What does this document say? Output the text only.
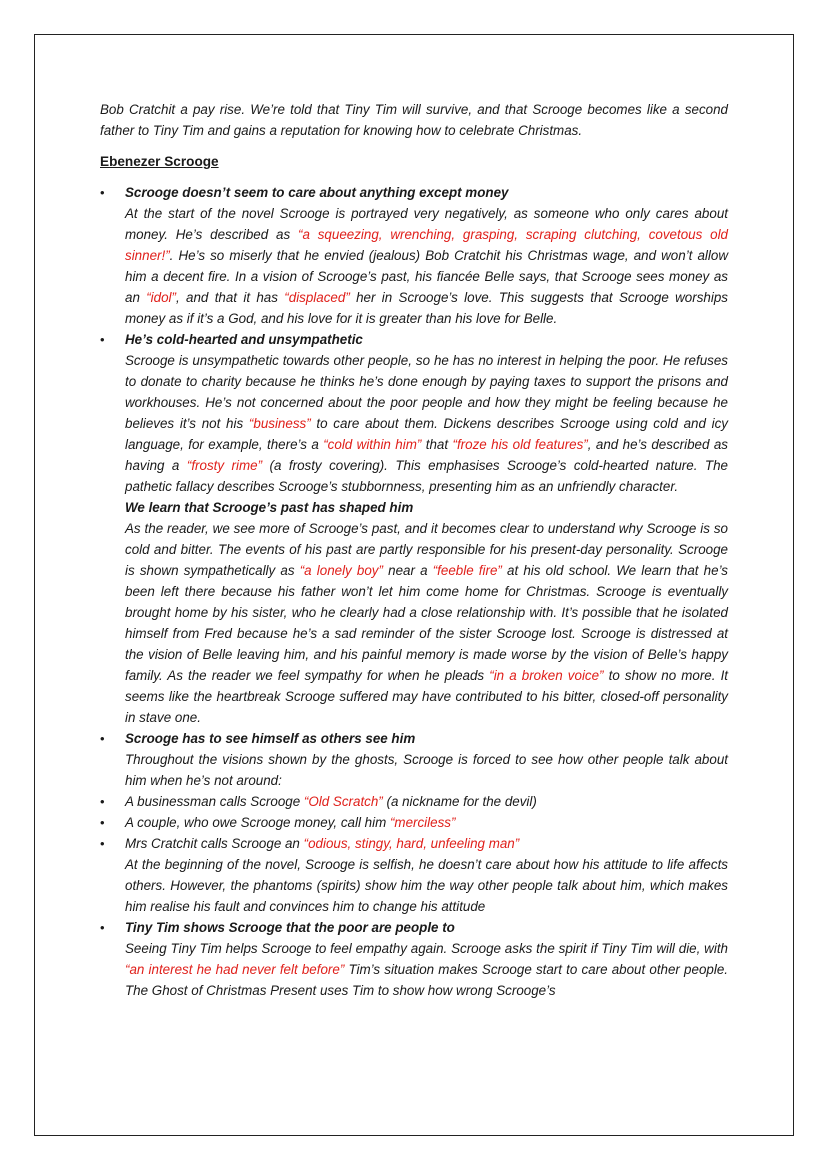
Bob Cratchit a pay rise. We’re told that Tiny Tim will survive, and that Scrooge becomes like a second father to Tiny Tim and gains a reputation for knowing how to celebrate Christmas.

Ebenezer Scrooge

•

Scrooge doesn’t seem to care about anything except money

At the start of the novel Scrooge is portrayed very negatively, as someone who only cares about money. He’s described as “a squeezing, wrenching, grasping, scraping clutching, covetous old sinner!”. He’s so miserly that he envied (jealous) Bob Cratchit his Christmas wage, and won’t allow him a decent fire. In a vision of Scrooge’s past, his fiancée Belle says, that Scrooge sees money as an “idol”, and that it has “displaced” her in Scrooge’s love. This suggests that Scrooge worships money as if it’s a God, and his love for it is greater than his love for Belle.

•

He’s cold-hearted and unsympathetic

Scrooge is unsympathetic towards other people, so he has no interest in helping the poor. He refuses to donate to charity because he thinks he’s done enough by paying taxes to support the prisons and workhouses. He’s not concerned about the poor people and how they might be feeling because he believes it’s not his “business” to care about them. Dickens describes Scrooge using cold and icy language, for example, there’s a “cold within him” that “froze his old features”, and he’s described as having a “frosty rime” (a frosty covering). This emphasises Scrooge’s cold-hearted nature. The pathetic fallacy describes Scrooge’s stubbornness, presenting him as an unfriendly character.

We learn that Scrooge’s past has shaped him

As the reader, we see more of Scrooge’s past, and it becomes clear to understand why Scrooge is so cold and bitter. The events of his past are partly responsible for his present-day personality. Scrooge is shown sympathetically as “a lonely boy” near a “feeble fire” at his old school. We learn that he’s been left there because his father won’t let him come home for Christmas. Scrooge is eventually brought home by his sister, who he clearly had a close relationship with. It’s possible that he isolated himself from Fred because he’s a sad reminder of the sister Scrooge lost. Scrooge is distressed at the vision of Belle leaving him, and his painful memory is made worse by the vision of Belle’s happy family. As the reader we feel sympathy for when he pleads “in a broken voice” to show no more. It seems like the heartbreak Scrooge suffered may have contributed to his bitter, closed-off personality in stave one.

•

Scrooge has to see himself as others see him

Throughout the visions shown by the ghosts, Scrooge is forced to see how other people talk about him when he’s not around:

•

A businessman calls Scrooge “Old Scratch” (a nickname for the devil)

•

A couple, who owe Scrooge money, call him “merciless”

•

Mrs Cratchit calls Scrooge an “odious, stingy, hard, unfeeling man”

At the beginning of the novel, Scrooge is selfish, he doesn’t care about how his attitude to life affects others. However, the phantoms (spirits) show him the way other people talk about him, which makes him realise his fault and convinces him to change his attitude

•

Tiny Tim shows Scrooge that the poor are people to

Seeing Tiny Tim helps Scrooge to feel empathy again. Scrooge asks the spirit if Tiny Tim will die, with “an interest he had never felt before” Tim’s situation makes Scrooge start to care about other people. The Ghost of Christmas Present uses Tim to show how wrong Scrooge’s
